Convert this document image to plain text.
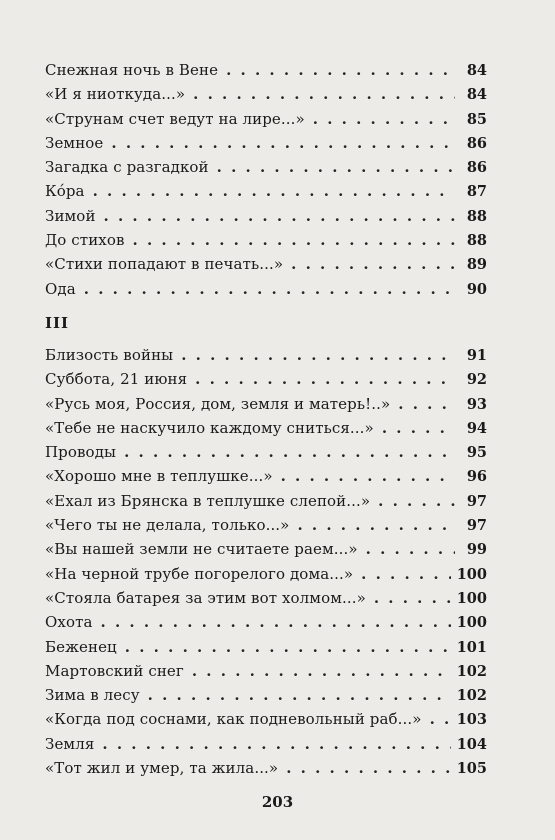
Снежная ночь в Вене . . .	84
«И я ниоткуда...» . . .	84
«Струнам счет ведут на лире...» . . .	85
Земное . . .	86
Загадка с разгадкой . . .	86
Кóра . . .	87
Зимой . . .	88
До стихов . . .	88
«Стихи попадают в печать...» . . .	89
Ода . . .	90
III
Близость войны . . .	91
Суббота, 21 июня . . .	92
«Русь моя, Россия, дом, земля и матерь!..» . . .	93
«Тебе не наскучило каждому сниться...» . . .	94
Проводы . . .	95
«Хорошо мне в теплушке...» . . .	96
«Ехал из Брянска в теплушке слепой...» . . .	97
«Чего ты не делала, только...» . . .	97
«Вы нашей земли не считаете раем...» . . .	99
«На черной трубе погорелого дома...» . . .	100
«Стояла батарея за этим вот холмом...» . . .	100
Охота . . .	100
Беженец . . .	101
Мартовский снег . . .	102
Зима в лесу . . .	102
«Когда под соснами, как подневольный раб...» . . . 103
Земля . . .	104
«Тот жил и умер, та жила...» . . .	105
203
